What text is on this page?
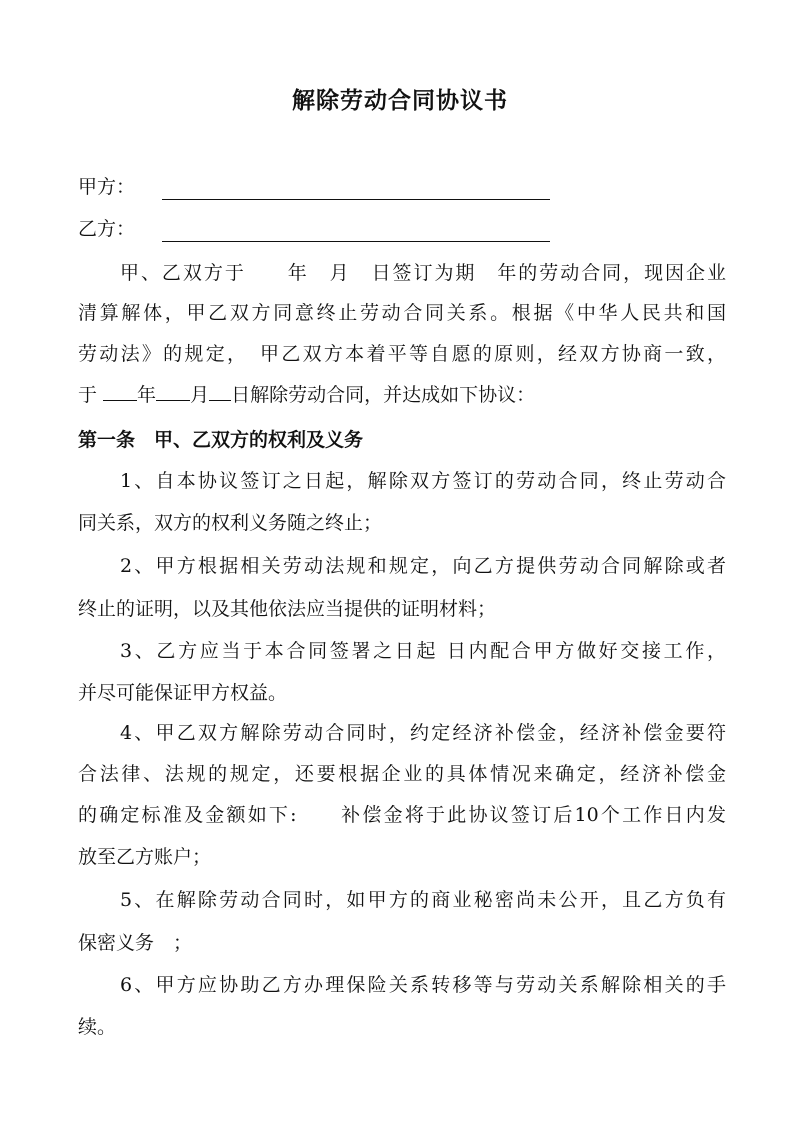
解除劳动合同协议书
甲方：
乙方：
甲、乙双方于　　年　月　日签订为期　年的劳动合同，现因企业
清算解体，甲乙双方同意终止劳动合同关系。根据《中华人民共和国
劳动法》的规定，　甲乙双方本着平等自愿的原则，经双方协商一致，
于 年 月 日解除劳动合同，并达成如下协议：
第一条　甲、乙双方的权利及义务
1、自本协议签订之日起，解除双方签订的劳动合同，终止劳动合
同关系，双方的权利义务随之终止；
2、甲方根据相关劳动法规和规定，向乙方提供劳动合同解除或者
终止的证明，以及其他依法应当提供的证明材料；
3、乙方应当于本合同签署之日起 日内配合甲方做好交接工作，
并尽可能保证甲方权益。
4、甲乙双方解除劳动合同时，约定经济补偿金，经济补偿金要符
合法律、法规的规定，还要根据企业的具体情况来确定，经济补偿金
的确定标准及金额如下:　　补偿金将于此协议签订后10个工作日内发
放至乙方账户；
5、在解除劳动合同时，如甲方的商业秘密尚未公开，且乙方负有
保密义务　；
6、甲方应协助乙方办理保险关系转移等与劳动关系解除相关的手
续。
